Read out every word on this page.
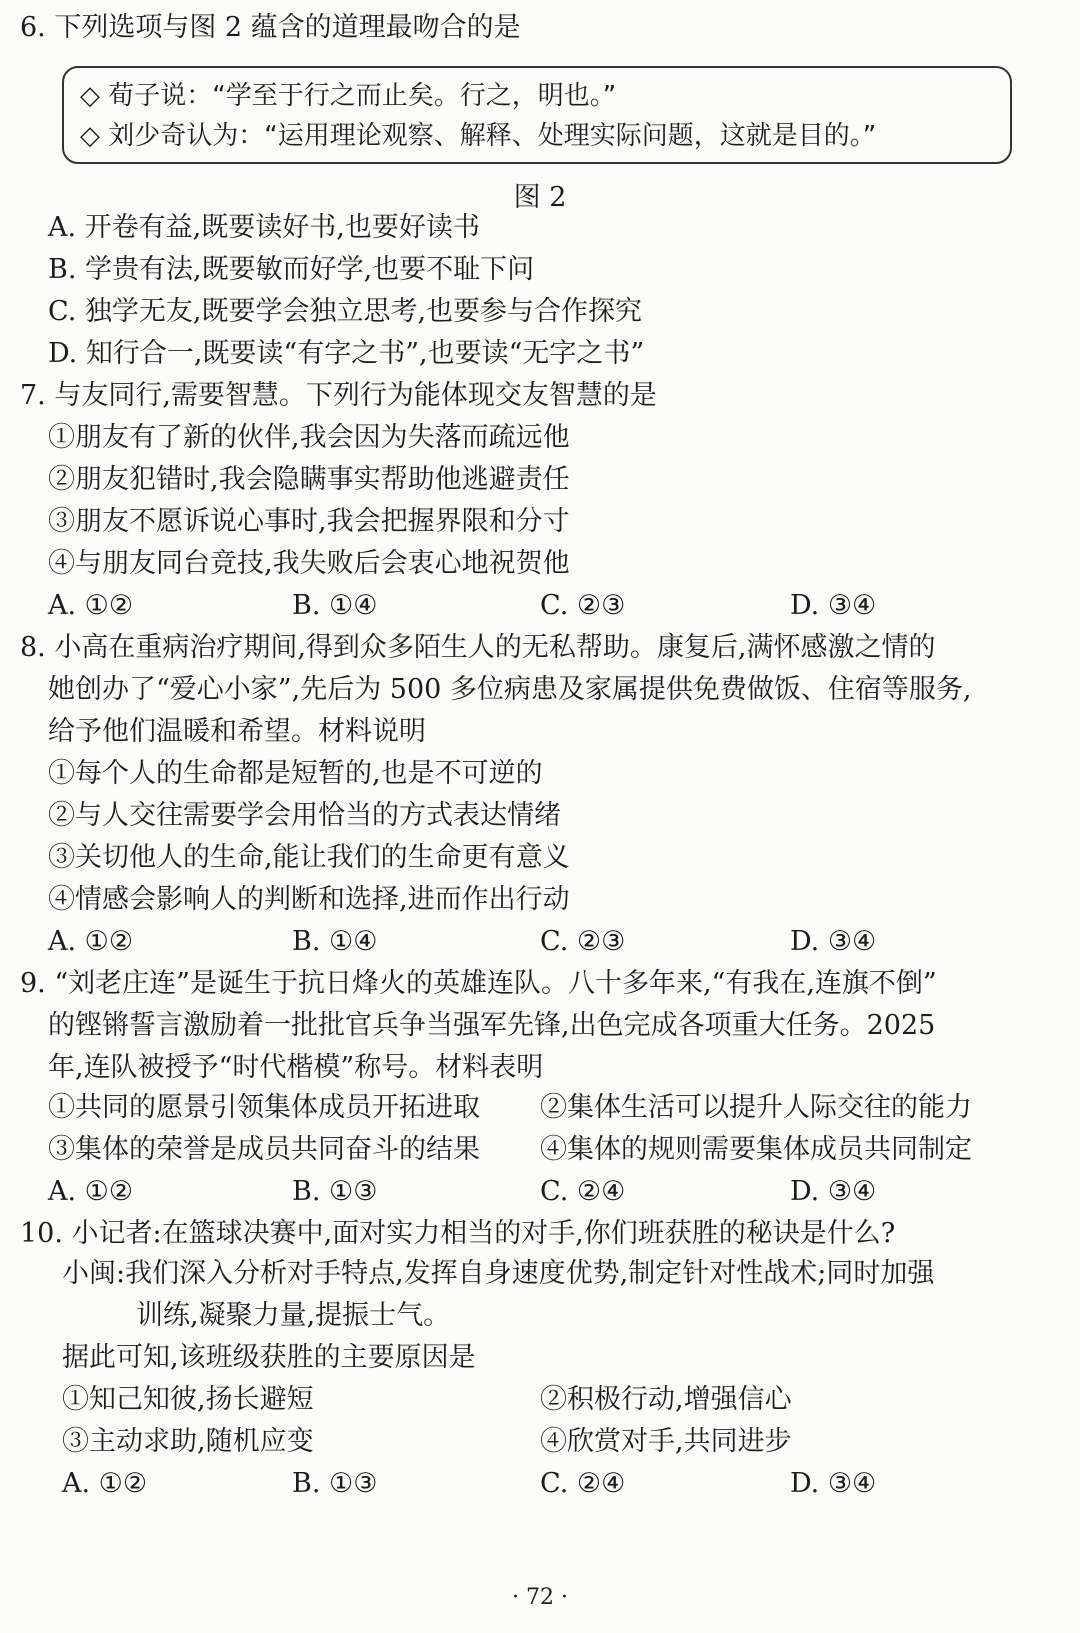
6. 下列选项与图 2 蕴含的道理最吻合的是
◇ 荀子说：“学至于行之而止矣。行之，明也。”
◇ 刘少奇认为：“运用理论观察、解释、处理实际问题，这就是目的。”
图 2
A. 开卷有益,既要读好书,也要好读书
B. 学贵有法,既要敏而好学,也要不耻下问
C. 独学无友,既要学会独立思考,也要参与合作探究
D. 知行合一,既要读“有字之书”,也要读“无字之书”
7. 与友同行,需要智慧。下列行为能体现交友智慧的是
①朋友有了新的伙伴,我会因为失落而疏远他
②朋友犯错时,我会隐瞒事实帮助他逃避责任
③朋友不愿诉说心事时,我会把握界限和分寸
④与朋友同台竞技,我失败后会衷心地祝贺他
A. ①②	B. ①④	C. ②③	D. ③④
8. 小高在重病治疗期间,得到众多陌生人的无私帮助。康复后,满怀感激之情的
她创办了“爱心小家”,先后为 500 多位病患及家属提供免费做饭、住宿等服务,
给予他们温暖和希望。材料说明
①每个人的生命都是短暂的,也是不可逆的
②与人交往需要学会用恰当的方式表达情绪
③关切他人的生命,能让我们的生命更有意义
④情感会影响人的判断和选择,进而作出行动
A. ①②	B. ①④	C. ②③	D. ③④
9. “刘老庄连”是诞生于抗日烽火的英雄连队。八十多年来,“有我在,连旗不倒”
的铿锵誓言激励着一批批官兵争当强军先锋,出色完成各项重大任务。2025
年,连队被授予“时代楷模”称号。材料表明
①共同的愿景引领集体成员开拓进取 ②集体生活可以提升人际交往的能力
③集体的荣誉是成员共同奋斗的结果 ④集体的规则需要集体成员共同制定
A. ①②	B. ①③	C. ②④	D. ③④
10. 小记者:在篮球决赛中,面对实力相当的对手,你们班获胜的秘诀是什么?
小闽:我们深入分析对手特点,发挥自身速度优势,制定针对性战术;同时加强
训练,凝聚力量,提振士气。
据此可知,该班级获胜的主要原因是
①知己知彼,扬长避短	②积极行动,增强信心
③主动求助,随机应变	④欣赏对手,共同进步
A. ①②	B. ①③	C. ②④	D. ③④
· 72 ·
